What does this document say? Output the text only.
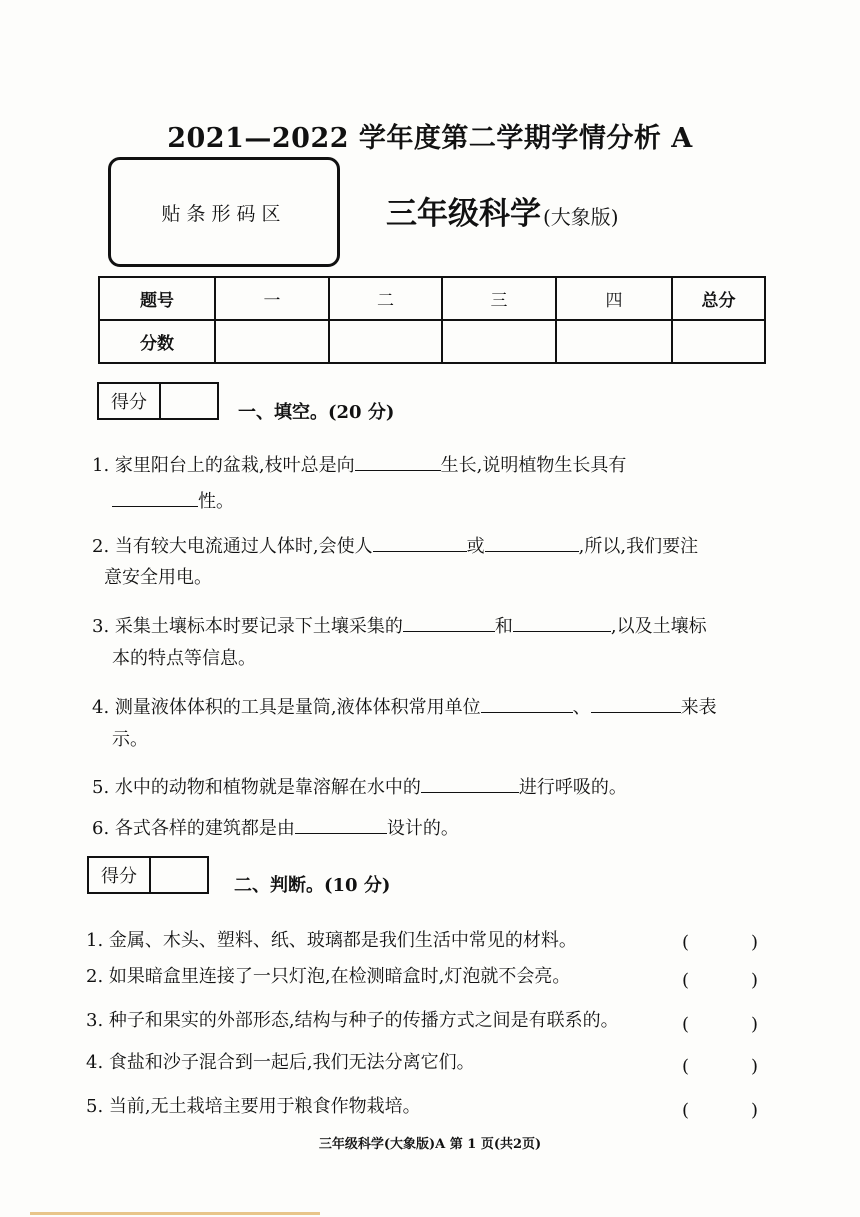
2021—2022 学年度第二学期学情分析 A
贴条形码区	三年级科学 (大象版)
题号	一	二	三	四	总分
分数					
得分	一、填空。(20 分)
1. 家里阳台上的盆栽,枝叶总是向	生长,说明植物生长具有
性。
2. 当有较大电流通过人体时,会使人	或	,所以,我们要注
意安全用电。
3. 采集土壤标本时要记录下土壤采集的	和	,以及土壤标
本的特点等信息。
4. 测量液体体积的工具是量筒,液体体积常用单位	、	来表
示。
5. 水中的动物和植物就是靠溶解在水中的	进行呼吸的。
6. 各式各样的建筑都是由	设计的。
得分	二、判断。(10 分)
1. 金属、木头、塑料、纸、玻璃都是我们生活中常见的材料。	(	)
2. 如果暗盒里连接了一只灯泡,在检测暗盒时,灯泡就不会亮。	(	)
3. 种子和果实的外部形态,结构与种子的传播方式之间是有联系的。	(	)
4. 食盐和沙子混合到一起后,我们无法分离它们。	(	)
5. 当前,无土栽培主要用于粮食作物栽培。	(	)
三年级科学(大象版)A 第 1 页(共2页)
